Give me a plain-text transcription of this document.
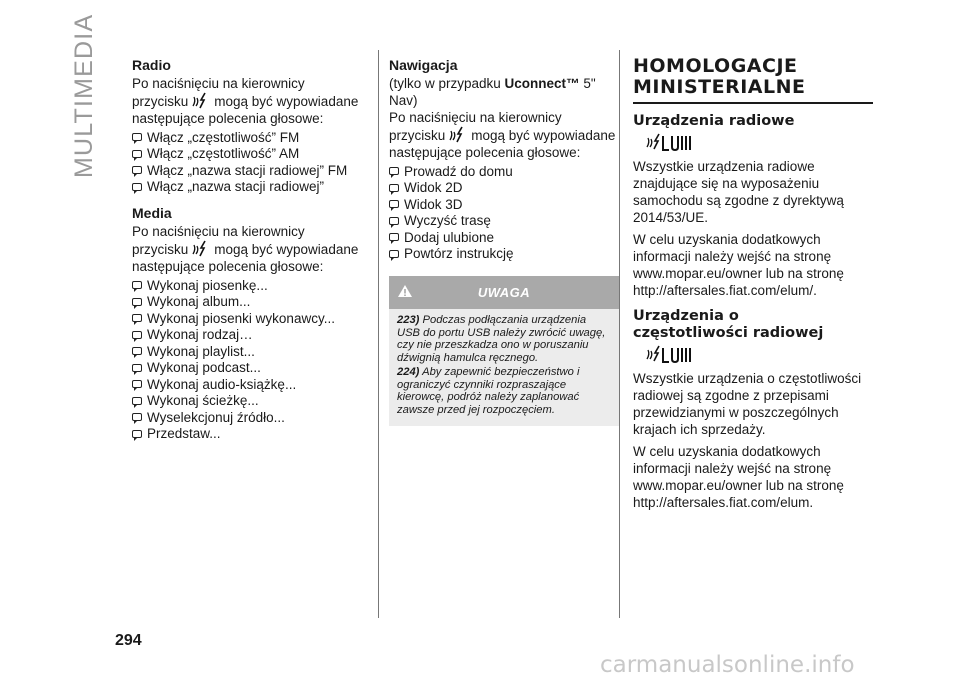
MULTIMEDIA Radio

Po naciśnięciu na kierownicy

przycisku mogą być wypowiadane

następujące polecenia głosowe:

Włącz „częstotliwość” FM
Włącz „częstotliwość” AM
Włącz „nazwa stacji radiowej” FM
Włącz „nazwa stacji radiowej”
Media

Po naciśnięciu na kierownicy

przycisku mogą być wypowiadane

następujące polecenia głosowe:

Wykonaj piosenkę...
Wykonaj album...
Wykonaj piosenki wykonawcy...
Wykonaj rodzaj…
Wykonaj playlist...
Wykonaj podcast...
Wykonaj audio-książkę...
Wykonaj ścieżkę...
Wyselekcjonuj źródło...
Przedstaw...
Nawigacja

(tylko w przypadku Uconnect™ 5"

Nav)

Po naciśnięciu na kierownicy

przycisku mogą być wypowiadane

następujące polecenia głosowe:

Prowadź do domu
Widok 2D
Widok 3D
Wyczyść trasę
Dodaj ulubione
Powtórz instrukcję
UWAGA

223) Podczas podłączania urządzenia USB do portu USB należy zwrócić uwagę, czy nie przeszkadza ono w poruszaniu dźwignią hamulca ręcznego.

224) Aby zapewnić bezpieczeństwo i ograniczyć czynniki rozpraszające kierowcę, podróż należy zaplanować zawsze przed jej rozpoczęciem.

HOMOLOGACJE
MINISTERIALNE
Urządzenia radiowe

Wszystkie urządzenia radiowe znajdujące się na wyposażeniu samochodu są zgodne z dyrektywą 2014/53/UE.

W celu uzyskania dodatkowych informacji należy wejść na stronę www.mopar.eu/owner lub na stronę http://aftersales.fiat.com/elum/.

Urządzenia o
częstotliwości radiowej

Wszystkie urządzenia o częstotliwości radiowej są zgodne z przepisami przewidzianymi w poszczególnych krajach ich sprzedaży.

W celu uzyskania dodatkowych informacji należy wejść na stronę www.mopar.eu/owner lub na stronę http://aftersales.fiat.com/elum.

294
carmanualsonline.info
